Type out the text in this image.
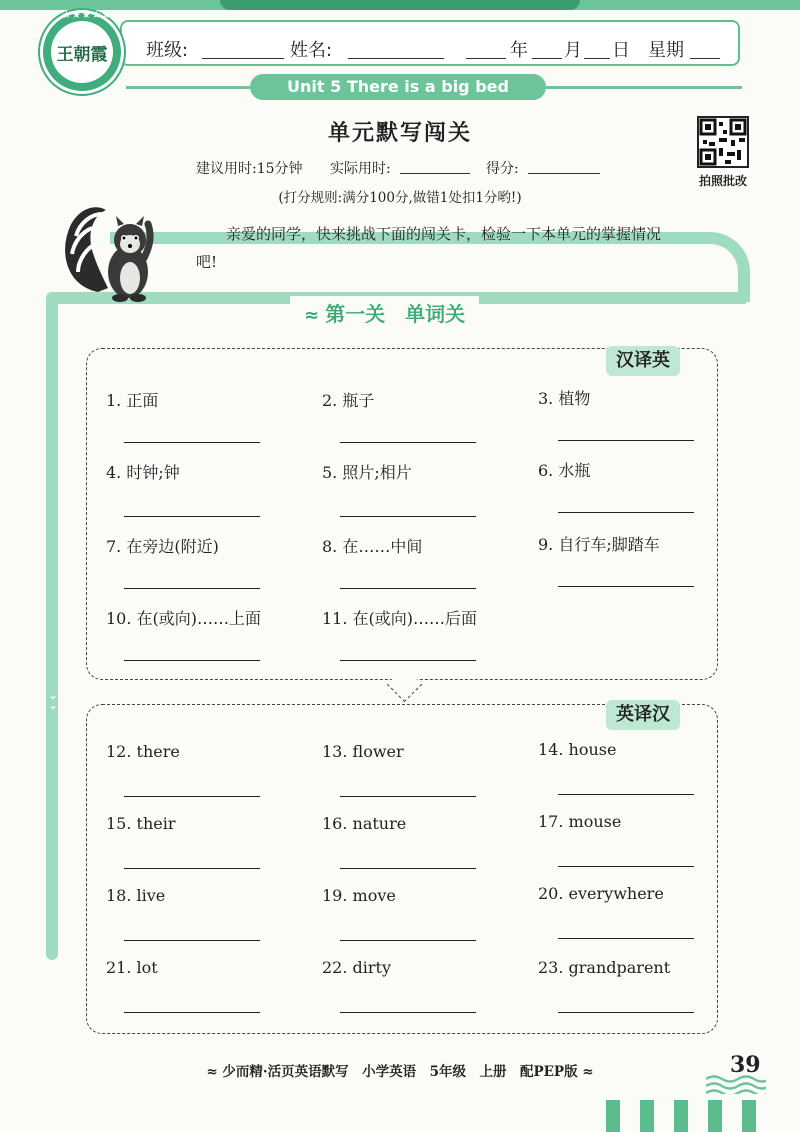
王朝霞
★★★★★
班级:	姓名:	年 月 日 星期
Unit 5 There is a big bed
单元默写闯关
建议用时:15分钟 实际用时:	得分:
(打分规则:满分100分,做错1处扣1分哟!)
拍照批改
亲爱的同学，快来挑战下面的闯关卡，检验一下本单元的掌握情况吧!
≈ 第一关　单词关
⌄
⌄
汉译英
1. 正面	2. 瓶子	3. 植物
4. 时钟;钟	5. 照片;相片	6. 水瓶
7. 在旁边(附近)	8. 在……中间	9. 自行车;脚踏车
10. 在(或向)……上面	11. 在(或向)……后面
英译汉
12. there	13. flower	14. house
15. their	16. nature	17. mouse
18. live	19. move	20. everywhere
21. lot	22. dirty	23. grandparent
≈ 少而精·活页英语默写　小学英语　5年级　上册　配PEP版 ≈	39
